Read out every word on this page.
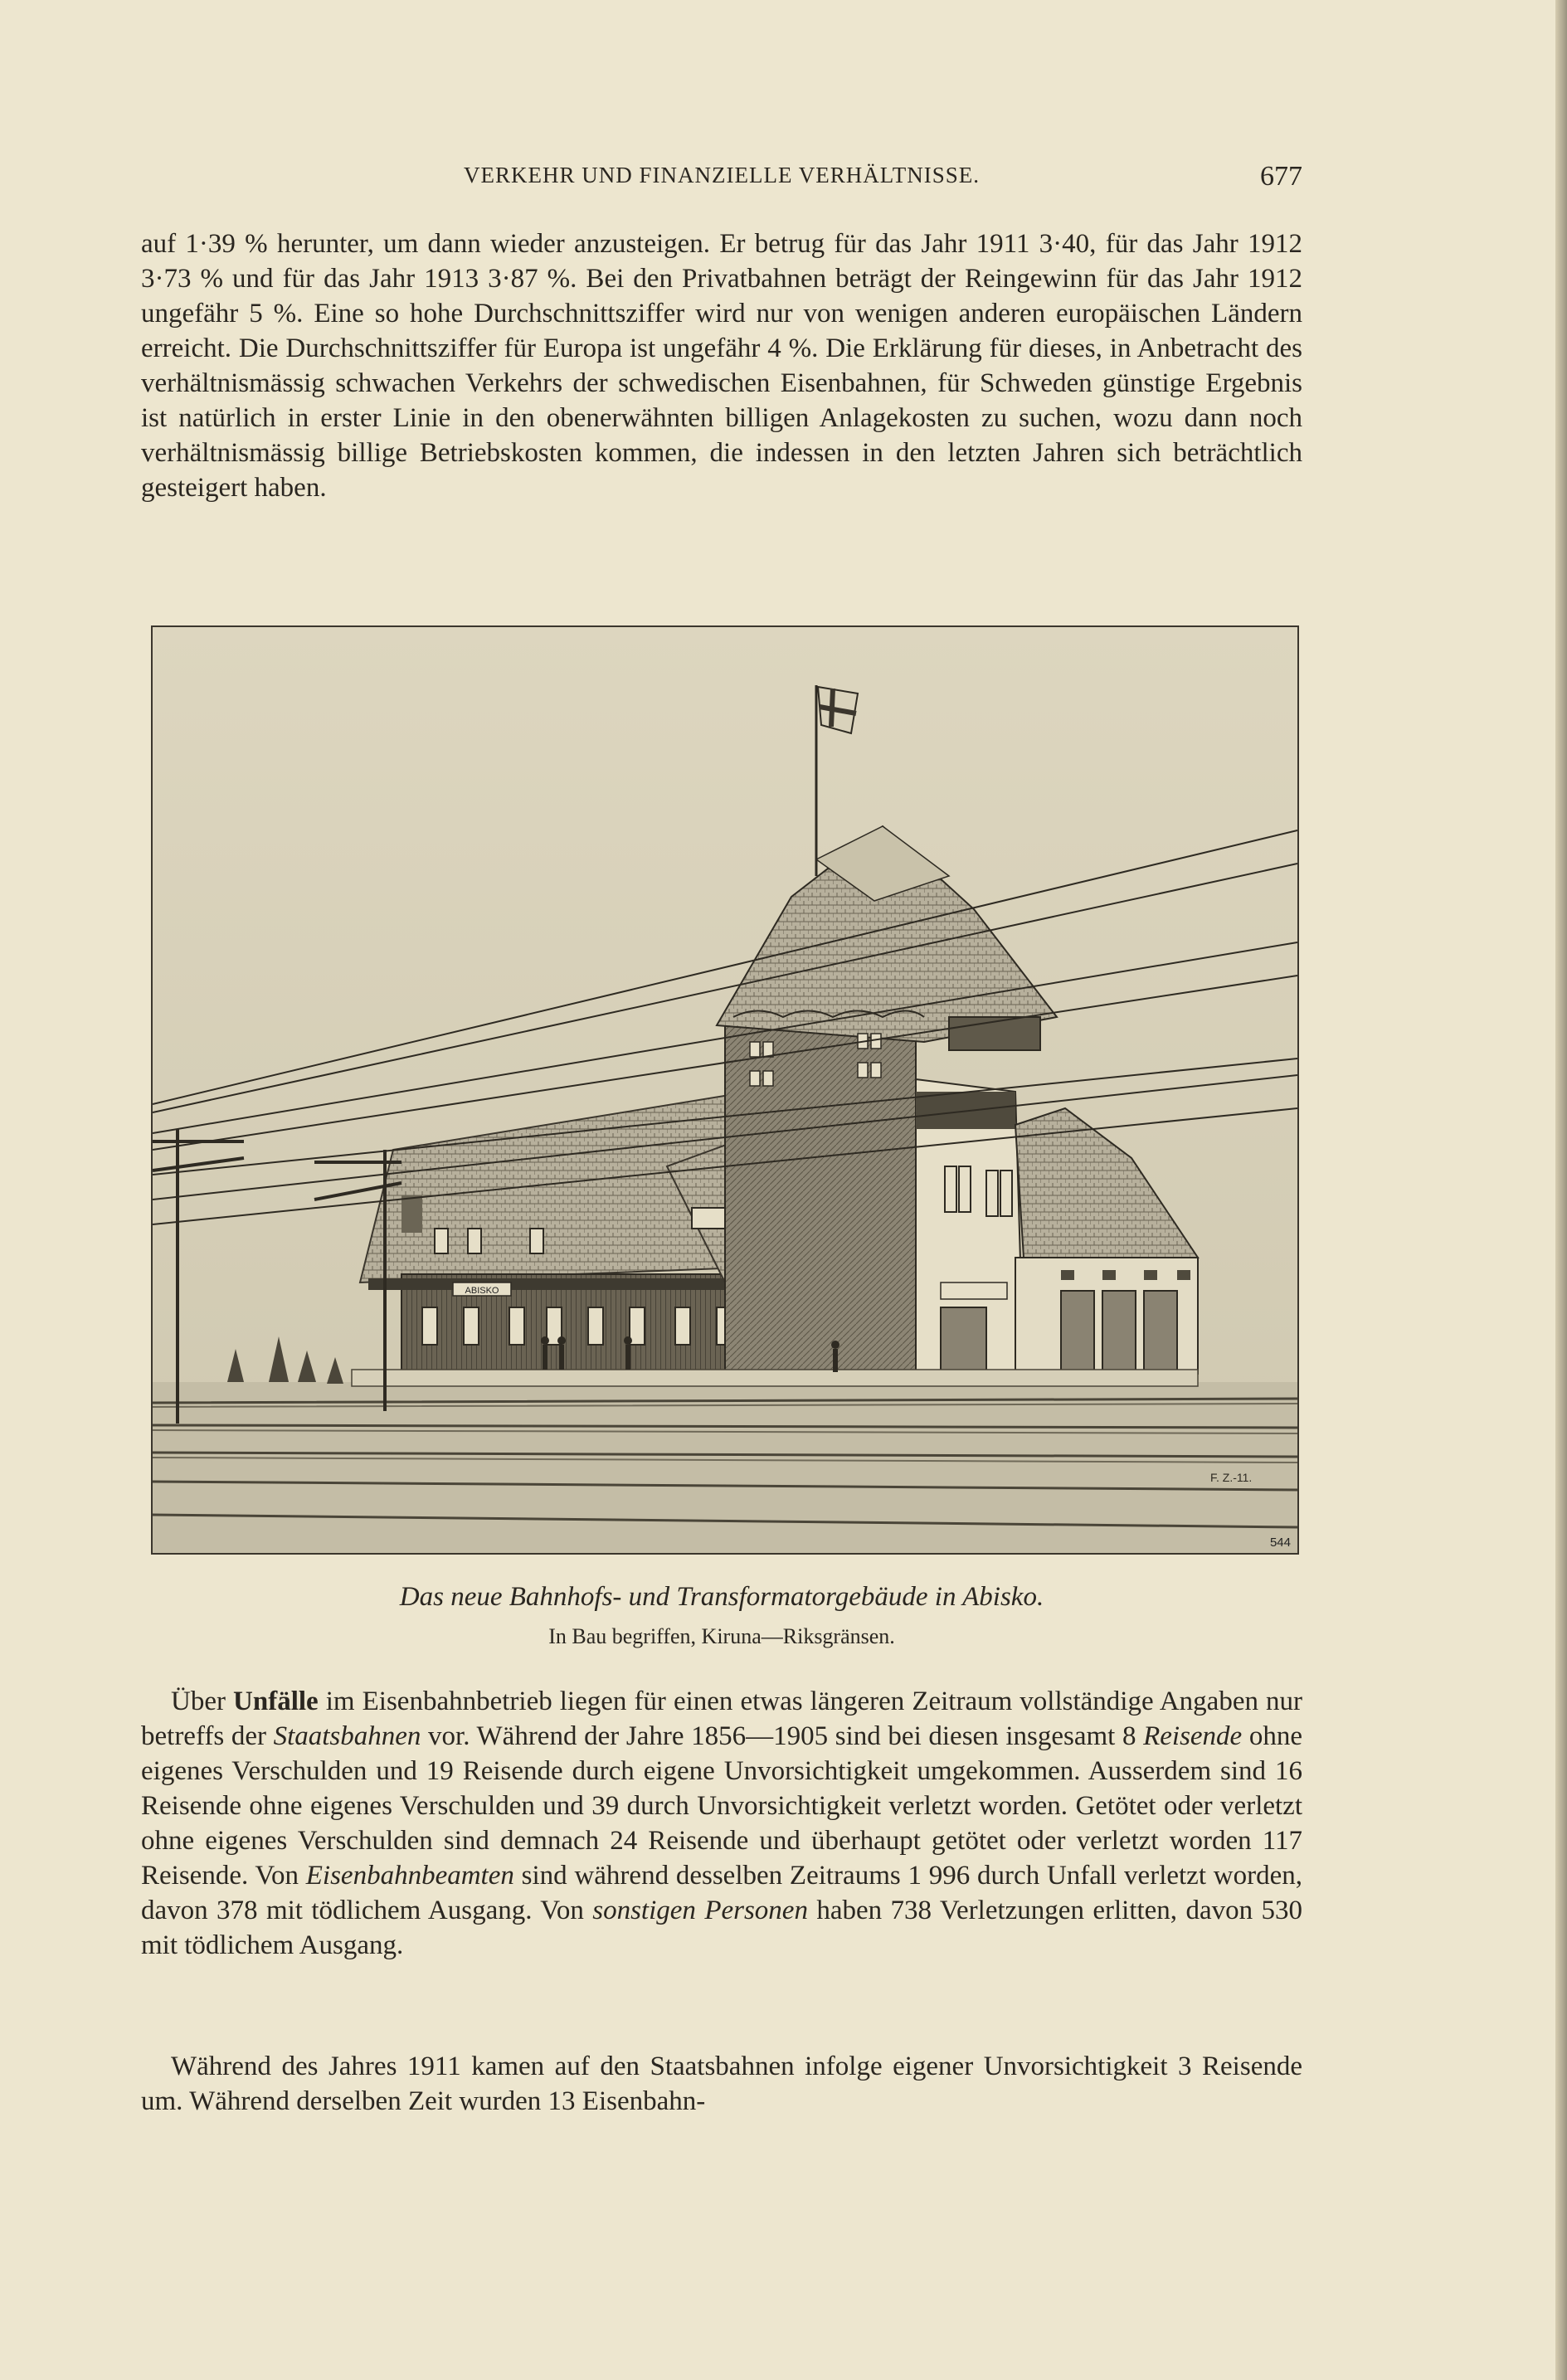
VERKEHR UND FINANZIELLE VERHÄLTNISSE.	677

auf 1·39 % herunter, um dann wieder anzusteigen. Er betrug für das Jahr 1911 3·40, für das Jahr 1912 3·73 % und für das Jahr 1913 3·87 %. Bei den Privatbahnen beträgt der Reingewinn für das Jahr 1912 ungefähr 5 %. Eine so hohe Durchschnittsziffer wird nur von wenigen anderen europäischen Ländern erreicht. Die Durchschnittsziffer für Europa ist ungefähr 4 %. Die Erklärung für dieses, in Anbetracht des verhältnismässig schwachen Verkehrs der schwedischen Eisenbahnen, für Schweden günstige Ergebnis ist natürlich in erster Linie in den obenerwähnten billigen Anlagekosten zu suchen, wozu dann noch verhältnismässig billige Betriebskosten kommen, die indessen in den letzten Jahren sich beträchtlich gesteigert haben.

ABISKO
F. Z.-11.
544
Das neue Bahnhofs- und Transformatorgebäude in Abisko.
In Bau begriffen, Kiruna—Riksgränsen.

Über Unfälle im Eisenbahnbetrieb liegen für einen etwas längeren Zeitraum vollständige Angaben nur betreffs der Staatsbahnen vor. Während der Jahre 1856—1905 sind bei diesen insgesamt 8 Reisende ohne eigenes Verschulden und 19 Reisende durch eigene Unvorsichtigkeit umgekommen. Ausserdem sind 16 Reisende ohne eigenes Verschulden und 39 durch Unvorsichtigkeit verletzt worden. Getötet oder verletzt ohne eigenes Verschulden sind demnach 24 Reisende und überhaupt getötet oder verletzt worden 117 Reisende. Von Eisenbahnbeamten sind während desselben Zeitraums 1 996 durch Unfall verletzt worden, davon 378 mit tödlichem Ausgang. Von sonstigen Personen haben 738 Verletzungen erlitten, davon 530 mit tödlichem Ausgang.

Während des Jahres 1911 kamen auf den Staatsbahnen infolge eigener Unvorsichtigkeit 3 Reisende um. Während derselben Zeit wurden 13 Eisenbahn-
